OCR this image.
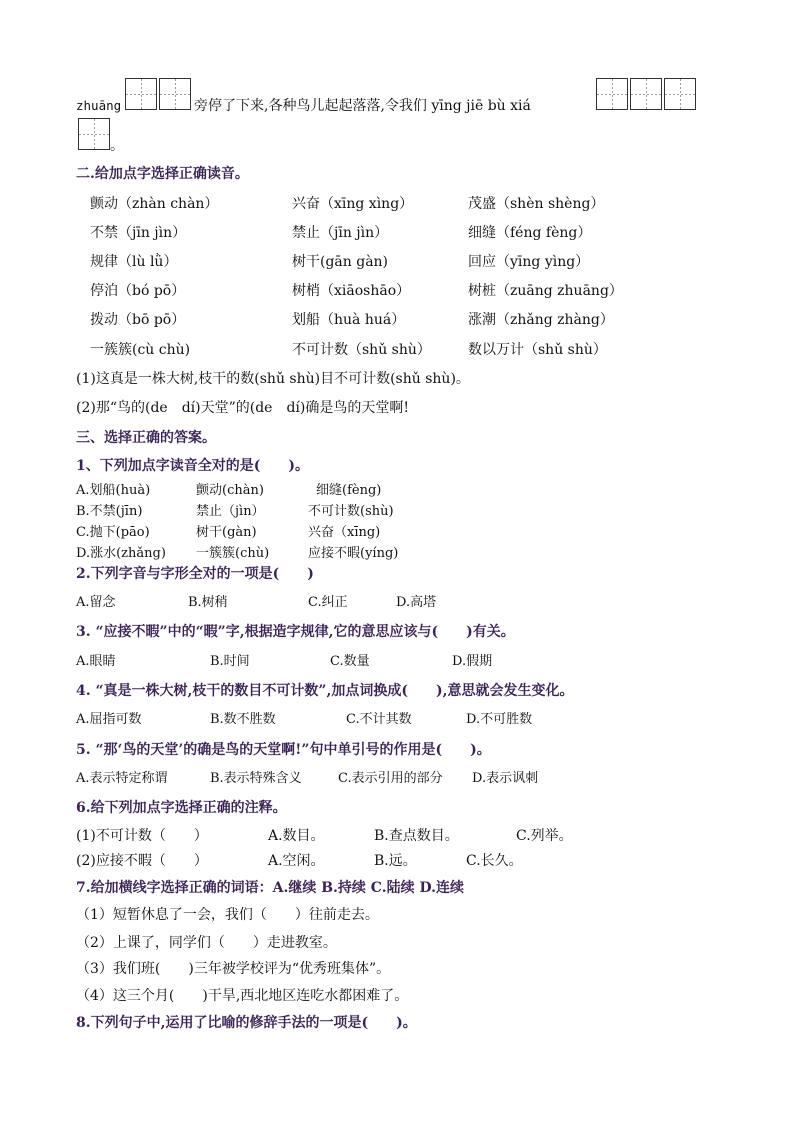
zhuāng	旁停了下来,各种鸟儿起起落落,令我们 yīng jiē bù xiá
。
二.给加点字选择正确读音。
颤动（zhàn chàn）	兴奋（xīng xìng）	茂盛（shèn shèng）
不禁（jīn jìn）	禁止（jīn jìn）	细缝（féng fèng）
规律（lù lǜ）	树干(gān gàn)	回应（yīng yìng）
停泊（bó pō）	树梢（xiāoshāo）	树桩（zuāng zhuāng）
拨动（bō pō）	划船（huà huá）	涨潮（zhǎng zhàng）
一簇簇(cù chù)	不可计数（shǔ shù）	数以万计（shǔ shù）
(1)这真是一株大树,枝干的数(shǔ shù)目不可计数(shǔ shù)。
(2)那“鸟的(de　dí)天堂”的(de　dí)确是鸟的天堂啊!
三、选择正确的答案。
1、下列加点字读音全对的是(　　)。
A.划船(huà)	颤动(chàn)	细缝(fèng)
B.不禁(jīn)	禁止（jìn）	不可计数(shù)
C.抛下(pāo)	树干(gàn)	兴奋（xīng)
D.涨水(zhǎng) 一簇簇(chù)	应接不暇(yíng)
2.下列字音与字形全对的一项是(　　)
A.留念	B.树稍	C.纠正	D.高塔
3. “应接不暇”中的“暇”字,根据造字规律,它的意思应该与(　　)有关。
A.眼睛	B.时间	C.数量	D.假期
4. “真是一株大树,枝干的数目不可计数”,加点词换成(　　),意思就会发生变化。
A.屈指可数	B.数不胜数	C.不计其数	D.不可胜数
5. “那‘鸟的天堂’的确是鸟的天堂啊!”句中单引号的作用是(　　)。
A.表示特定称谓	B.表示特殊含义	C.表示引用的部分 D.表示讽刺
6.给下列加点字选择正确的注释。
(1)不可计数（　　）	A.数目。	B.查点数目。	C.列举。
(2)应接不暇（　　）	A.空闲。	B.远。	C.长久。
7.给加横线字选择正确的词语：A.继续 B.持续 C.陆续 D.连续
（1）短暂休息了一会，我们（　　）往前走去。
（2）上课了，同学们（　　）走进教室。
（3）我们班(　　)三年被学校评为“优秀班集体”。
（4）这三个月(　　)干旱,西北地区连吃水都困难了。
8.下列句子中,运用了比喻的修辞手法的一项是(　　)。
